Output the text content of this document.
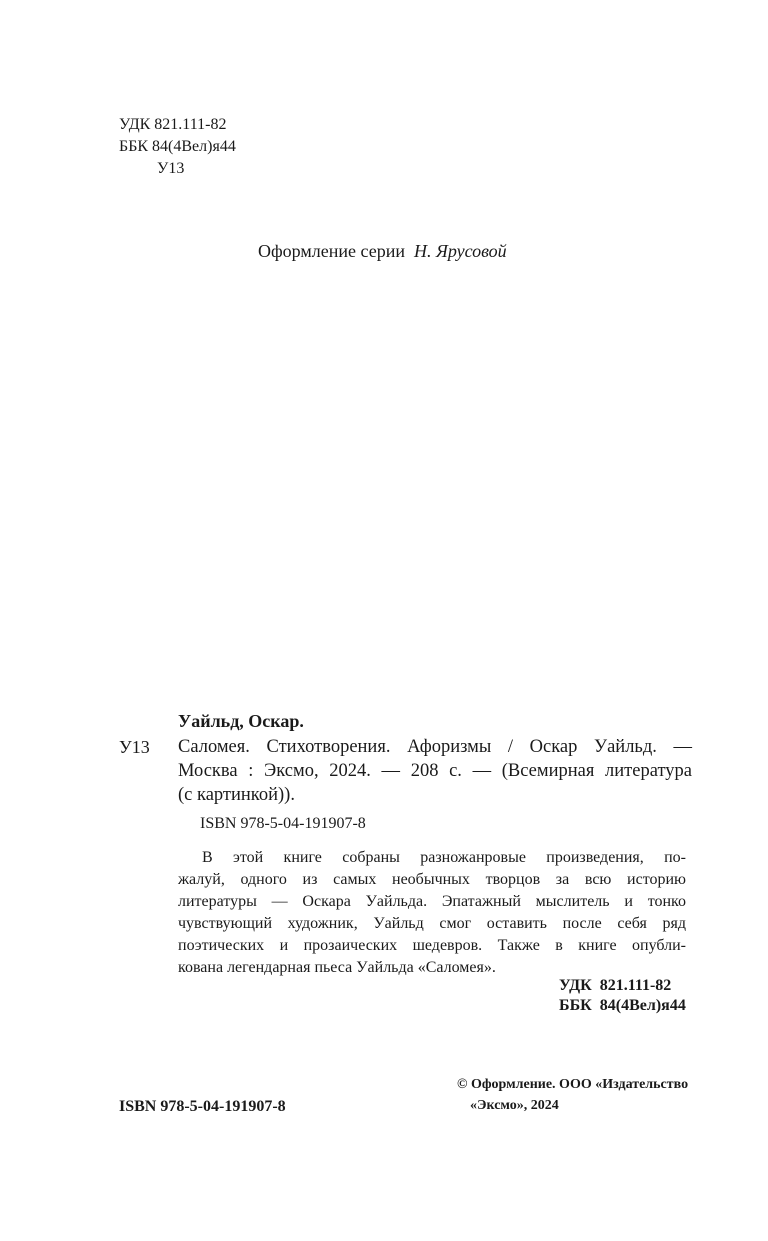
УДК 821.111-82
ББК 84(4Вел)я44
У13
Оформление серии Н. Ярусовой
Уайльд, Оскар.
У13 Саломея. Стихотворения. Афоризмы / Оскар Уайльд. —
Москва : Эксмо, 2024. — 208 с. — (Всемирная литература
(с картинкой)).
ISBN 978-5-04-191907-8
В этой книге собраны разножанровые произведения, по-
жалуй, одного из самых необычных творцов за всю историю
литературы — Оскара Уайльда. Эпатажный мыслитель и тонко
чувствующий художник, Уайльд смог оставить после себя ряд
поэтических и прозаических шедевров. Также в книге опубли-
кована легендарная пьеса Уайльда «Саломея».
УДК  821.111-82
ББК  84(4Вел)я44
© Оформление. ООО «Издательство
«Эксмо», 2024
ISBN 978-5-04-191907-8
